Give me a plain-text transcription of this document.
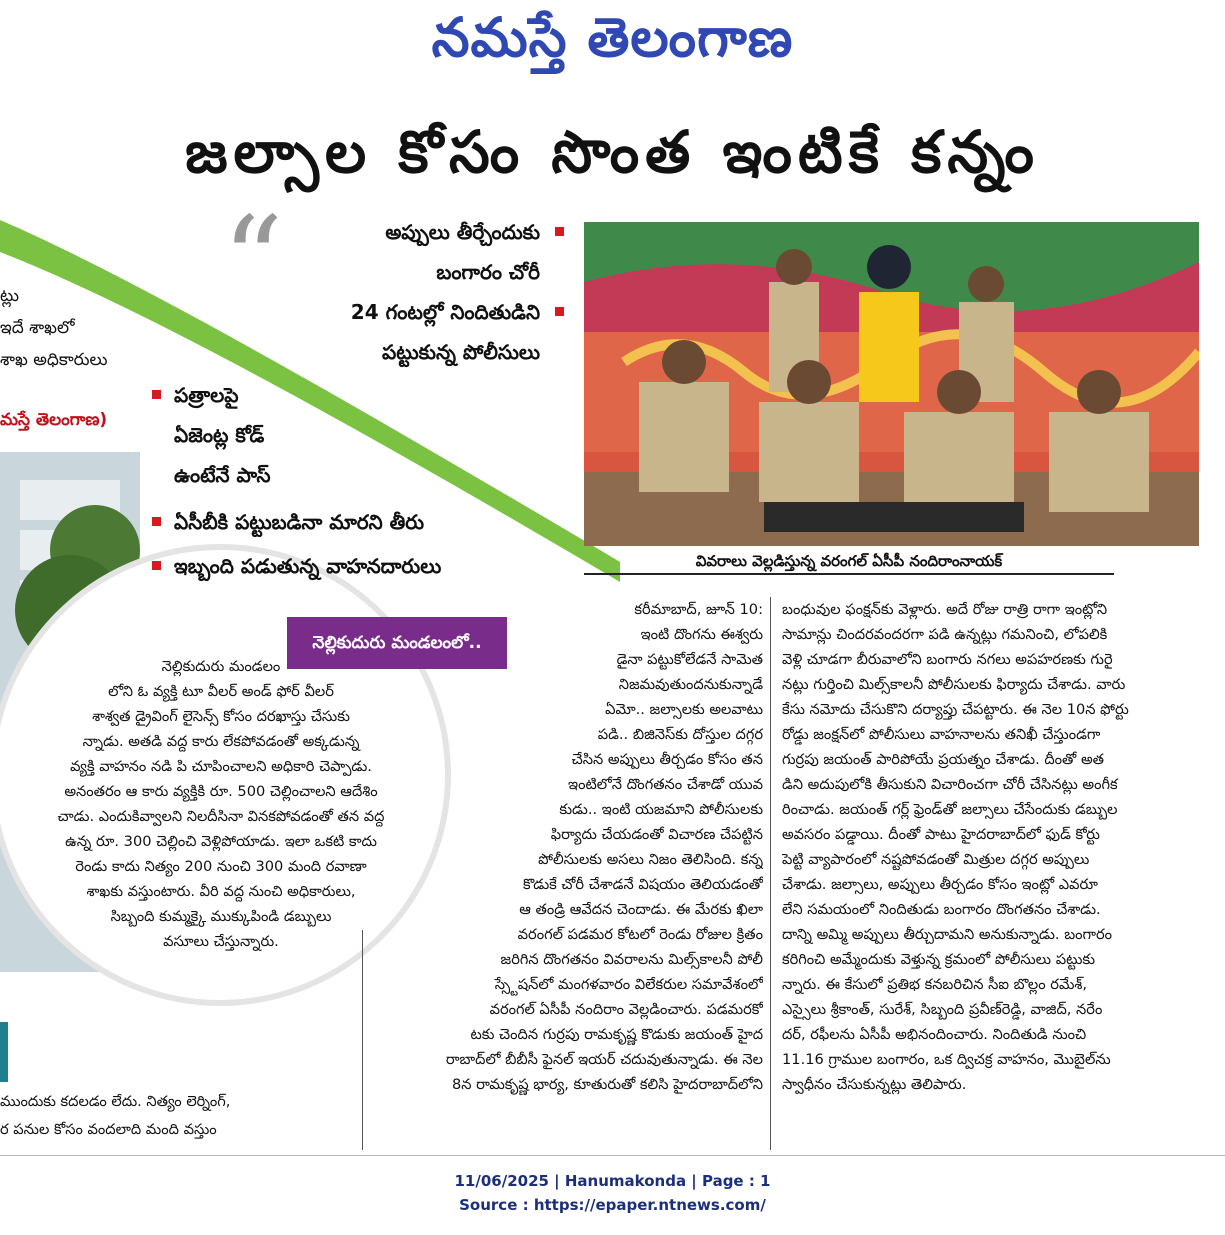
నమస్తే తెలంగాణ
జల్సాల కోసం సొంత ఇంటికే కన్నం
“
ట్లు
ఇదే శాఖలో
శాఖ అధికారులు
మస్తే తెలంగాణ)
పత్రాలపై
ఏజెంట్ల కోడ్
ఉంటేనే పాస్
ఏసీబీకి పట్టుబడినా మారని తీరు
ఇబ్బంది పడుతున్న వాహనదారులు
అప్పులు తీర్చేందుకు
బంగారం చోరీ
24 గంటల్లో నిందితుడిని
పట్టుకున్న పోలీసులు
వివరాలు వెల్లడిస్తున్న వరంగల్ ఏసీపీ నందిరాంనాయక్
నెల్లికుదురు మండలంలో..

నెల్లికుదురు మండలం

లోని ఓ వ్యక్తి టూ వీలర్ అండ్ ఫోర్ వీలర్

శాశ్వత డ్రైవింగ్ లైసెన్స్ కోసం దరఖాస్తు చేసుకు

న్నాడు. అతడి వద్ద కారు లేకపోవడంతో అక్కడున్న

వ్యక్తి వాహనం నడి పి చూపించాలని అధికారి చెప్పాడు.

అనంతరం ఆ కారు వ్యక్తికి రూ. 500 చెల్లించాలని ఆదేశిం

చాడు. ఎందుకివ్వాలని నిలదీసినా వినకపోవడంతో తన వద్ద

ఉన్న రూ. 300 చెల్లించి వెళ్లిపోయాడు. ఇలా ఒకటి కాదు

రెండు కాదు నిత్యం 200 నుంచి 300 మంది రవాణా

శాఖకు వస్తుంటారు. వీరి వద్ద నుంచి అధికారులు,

సిబ్బంది కుమ్మక్కై ముక్కుపిండి డబ్బులు

వసూలు చేస్తున్నారు.

ముందుకు కదలడం లేదు. నిత్యం లెర్నింగ్,

ర పనుల కోసం వందలాది మంది వస్తుం

కరీమాబాద్, జూన్ 10:

ఇంటి దొంగను ఈశ్వరు

డైనా పట్టుకోలేడనే సామెత

నిజమవుతుందనుకున్నాడే

ఏమో.. జల్సాలకు అలవాటు

పడి.. బిజినెస్‌కు దోస్తుల దగ్గర

చేసిన అప్పులు తీర్చడం కోసం తన

ఇంటిలోనే దొంగతనం చేశాడో యువ

కుడు.. ఇంటి యజమాని పోలీసులకు

ఫిర్యాదు చేయడంతో విచారణ చేపట్టిన

పోలీసులకు అసలు నిజం తెలిసింది. కన్న

కొడుకే చోరీ చేశాడనే విషయం తెలియడంతో

ఆ తండ్రి ఆవేదన చెందాడు. ఈ మేరకు ఖిలా

వరంగల్ పడమర కోటలో రెండు రోజుల క్రితం

జరిగిన దొంగతనం వివరాలను మిల్స్‌కాలనీ పోలీ

స్స్టేషన్‌లో మంగళవారం విలేకరుల సమావేశంలో

వరంగల్ ఏసీపీ నందిరాం వెల్లడించారు. పడమరకో

టకు చెందిన గుర్రపు రామకృష్ణ కొడుకు జయంత్ హైద

రాబాద్‌లో బీబీసీ ఫైనల్ ఇయర్ చదువుతున్నాడు. ఈ నెల

8న రామకృష్ణ భార్య, కూతురుతో కలిసి హైదరాబాద్‌లోని

బంధువుల ఫంక్షన్‌కు వెళ్లారు. అదే రోజు రాత్రి రాగా ఇంట్లోని

సామాన్లు చిందరవందరగా పడి ఉన్నట్లు గమనించి, లోపలికి

వెళ్లి చూడగా బీరువాలోని బంగారు నగలు అపహరణకు గురై

నట్లు గుర్తించి మిల్స్‌కాలనీ పోలీసులకు ఫిర్యాదు చేశాడు. వారు

కేసు నమోదు చేసుకొని దర్యాప్తు చేపట్టారు. ఈ నెల 10న ఫోర్టు

రోడ్డు జంక్షన్‌లో పోలీసులు వాహనాలను తనిఖీ చేస్తుండగా

గుర్రపు జయంత్ పారిపోయే ప్రయత్నం చేశాడు. దీంతో అత

డిని అదుపులోకి తీసుకుని విచారించగా చోరీ చేసినట్లు అంగీక

రించాడు. జయంత్ గర్ల్ ఫ్రెండ్‌తో జల్సాలు చేసేందుకు డబ్బుల

అవసరం పడ్డాయి. దీంతో పాటు హైదరాబాద్‌లో ఫుడ్ కోర్టు

పెట్టి వ్యాపారంలో నష్టపోవడంతో మిత్రుల దగ్గర అప్పులు

చేశాడు. జల్సాలు, అప్పులు తీర్చడం కోసం ఇంట్లో ఎవరూ

లేని సమయంలో నిందితుడు బంగారం దొంగతనం చేశాడు.

దాన్ని అమ్మి అప్పులు తీర్చుదామని అనుకున్నాడు. బంగారం

కరిగించి అమ్మేందుకు వెళ్తున్న క్రమంలో పోలీసులు పట్టుకు

న్నారు. ఈ కేసులో ప్రతిభ కనబరిచిన సీఐ బొల్లం రమేశ్,

ఎస్సైలు శ్రీకాంత్, సురేశ్, సిబ్బంది ప్రవీణ్‌రెడ్డి, వాజిద్, నరేం

దర్, రఫీలను ఏసీపీ అభినందించారు. నిందితుడి నుంచి

11.16 గ్రాముల బంగారం, ఒక ద్విచక్ర వాహనం, మొబైల్‌ను

స్వాధీనం చేసుకున్నట్లు తెలిపారు.

11/06/2025 | Hanumakonda | Page : 1
Source : https://epaper.ntnews.com/
